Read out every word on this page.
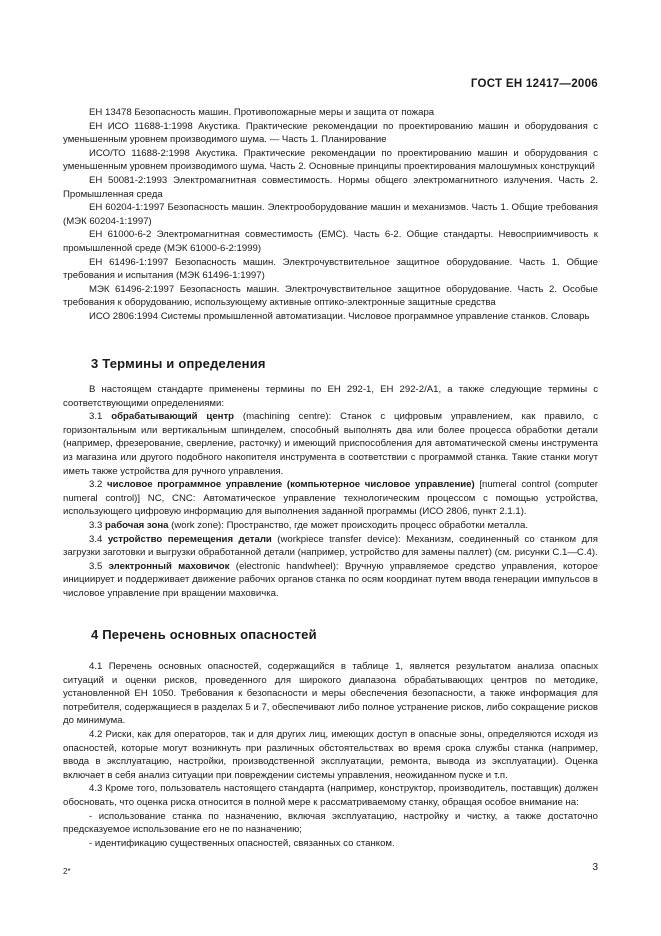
ГОСТ ЕН 12417—2006

ЕН 13478 Безопасность машин. Противопожарные меры и защита от пожара

ЕН ИСО 11688-1:1998 Акустика. Практические рекомендации по проектированию машин и оборудования с уменьшенным уровнем производимого шума. — Часть 1. Планирование

ИСО/ТО 11688-2:1998 Акустика. Практические рекомендации по проектированию машин и оборудования с уменьшенным уровнем производимого шума. Часть 2. Основные принципы проектирования малошумных конструкций

ЕН 50081-2:1993 Электромагнитная совместимость. Нормы общего электромагнитного излучения. Часть 2. Промышленная среда

ЕН 60204-1:1997 Безопасность машин. Электрооборудование машин и механизмов. Часть 1. Общие требования (МЭК 60204-1:1997)

ЕН 61000-6-2 Электромагнитная совместимость (EMC). Часть 6-2. Общие стандарты. Невосприимчивость к промышленной среде (МЭК 61000-6-2:1999)

ЕН 61496-1:1997 Безопасность машин. Электрочувствительное защитное оборудование. Часть 1. Общие требования и испытания (МЭК 61496-1:1997)

МЭК 61496-2:1997 Безопасность машин. Электрочувствительное защитное оборудование. Часть 2. Особые требования к оборудованию, использующему активные оптико-электронные защитные средства

ИСО 2806:1994 Системы промышленной автоматизации. Числовое программное управление станков. Словарь

3 Термины и определения

В настоящем стандарте применены термины по ЕН 292-1, ЕН 292-2/A1, а также следующие термины с соответствующими определениями:

3.1 обрабатывающий центр (machining centre): Станок с цифровым управлением, как правило, с горизонтальным или вертикальным шпинделем, способный выполнять два или более процесса обработки детали (например, фрезерование, сверление, расточку) и имеющий приспособления для автоматической смены инструмента из магазина или другого подобного накопителя инструмента в соответствии с программой станка. Такие станки могут иметь также устройства для ручного управления.

3.2 числовое программное управление (компьютерное числовое управление) [numeral control (computer numeral control)] NC, CNC: Автоматическое управление технологическим процессом с помощью устройства, использующего цифровую информацию для выполнения заданной программы (ИСО 2806, пункт 2.1.1).

3.3 рабочая зона (work zone): Пространство, где может происходить процесс обработки металла.

3.4 устройство перемещения детали (workpiece transfer device): Механизм, соединенный со станком для загрузки заготовки и выгрузки обработанной детали (например, устройство для замены паллет) (см. рисунки С.1—С.4).

3.5 электронный маховичок (electronic handwheel): Вручную управляемое средство управления, которое инициирует и поддерживает движение рабочих органов станка по осям координат путем ввода генерации импульсов в числовое управление при вращении маховичка.

4 Перечень основных опасностей

4.1 Перечень основных опасностей, содержащийся в таблице 1, является результатом анализа опасных ситуаций и оценки рисков, проведенного для широкого диапазона обрабатывающих центров по методике, установленной ЕН 1050. Требования к безопасности и меры обеспечения безопасности, а также информация для потребителя, содержащиеся в разделах 5 и 7, обеспечивают либо полное устранение рисков, либо сокращение рисков до минимума.

4.2 Риски, как для операторов, так и для других лиц, имеющих доступ в опасные зоны, определяются исходя из опасностей, которые могут возникнуть при различных обстоятельствах во время срока службы станка (например, ввода в эксплуатацию, настройки, производственной эксплуатации, ремонта, вывода из эксплуатации). Оценка включает в себя анализ ситуации при повреждении системы управления, неожиданном пуске и т.п.

4.3 Кроме того, пользователь настоящего стандарта (например, конструктор, производитель, поставщик) должен обосновать, что оценка риска относится в полной мере к рассматриваемому станку, обращая особое внимание на:

- использование станка по назначению, включая эксплуатацию, настройку и чистку, а также достаточно предсказуемое использование его не по назначению;

- идентификацию существенных опасностей, связанных со станком.

2*	3
